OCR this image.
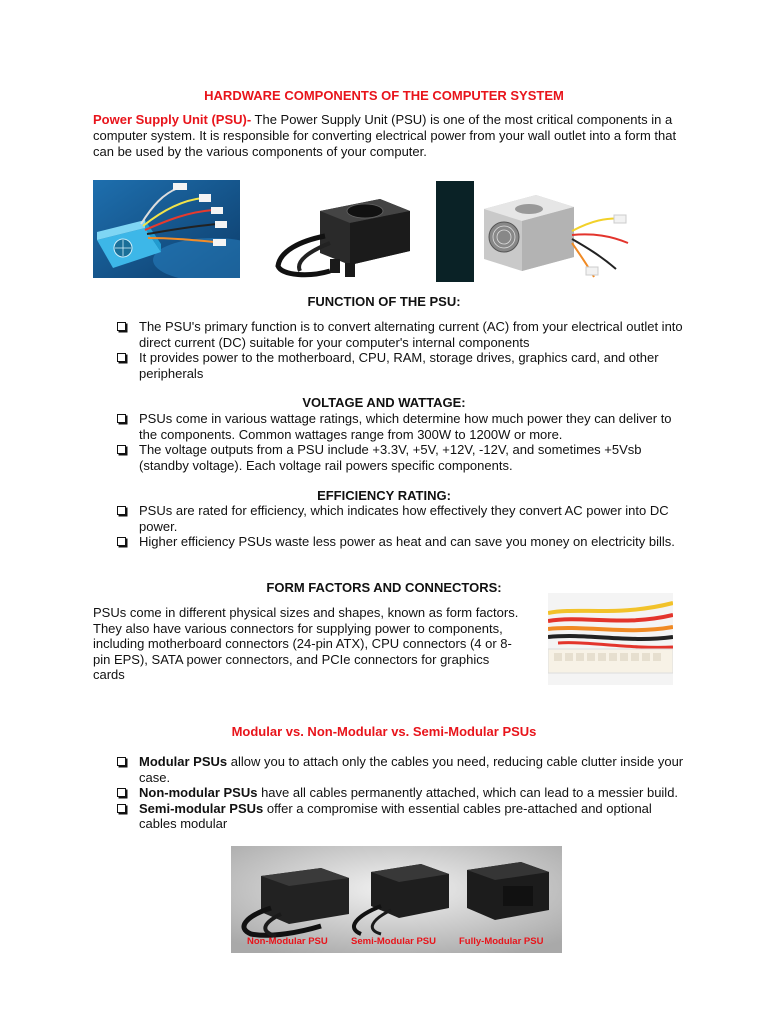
HARDWARE COMPONENTS OF THE COMPUTER SYSTEM
Power Supply Unit (PSU)- The Power Supply Unit (PSU) is one of the most critical components in a computer system. It is responsible for converting electrical power from your wall outlet into a form that can be used by the various components of your computer.
FUNCTION OF THE PSU:
The PSU's primary function is to convert alternating current (AC) from your electrical outlet into direct current (DC) suitable for your computer's internal components
It provides power to the motherboard, CPU, RAM, storage drives, graphics card, and other peripherals
VOLTAGE AND WATTAGE:
PSUs come in various wattage ratings, which determine how much power they can deliver to the components. Common wattages range from 300W to 1200W or more.
The voltage outputs from a PSU include +3.3V, +5V, +12V, -12V, and sometimes +5Vsb (standby voltage). Each voltage rail powers specific components.
EFFICIENCY RATING:
PSUs are rated for efficiency, which indicates how effectively they convert AC power into DC power.
Higher efficiency PSUs waste less power as heat and can save you money on electricity bills.
FORM FACTORS AND CONNECTORS:
PSUs come in different physical sizes and shapes, known as form factors. They also have various connectors for supplying power to components, including motherboard connectors (24-pin ATX), CPU connectors (4 or 8-pin EPS), SATA power connectors, and PCIe connectors for graphics cards
Modular vs. Non-Modular vs. Semi-Modular PSUs
Modular PSUs allow you to attach only the cables you need, reducing cable clutter inside your case.
Non-modular PSUs have all cables permanently attached, which can lead to a messier build.
Semi-modular PSUs offer a compromise with essential cables pre-attached and optional cables modular
Non-Modular PSU Semi-Modular PSU Fully-Modular PSU
